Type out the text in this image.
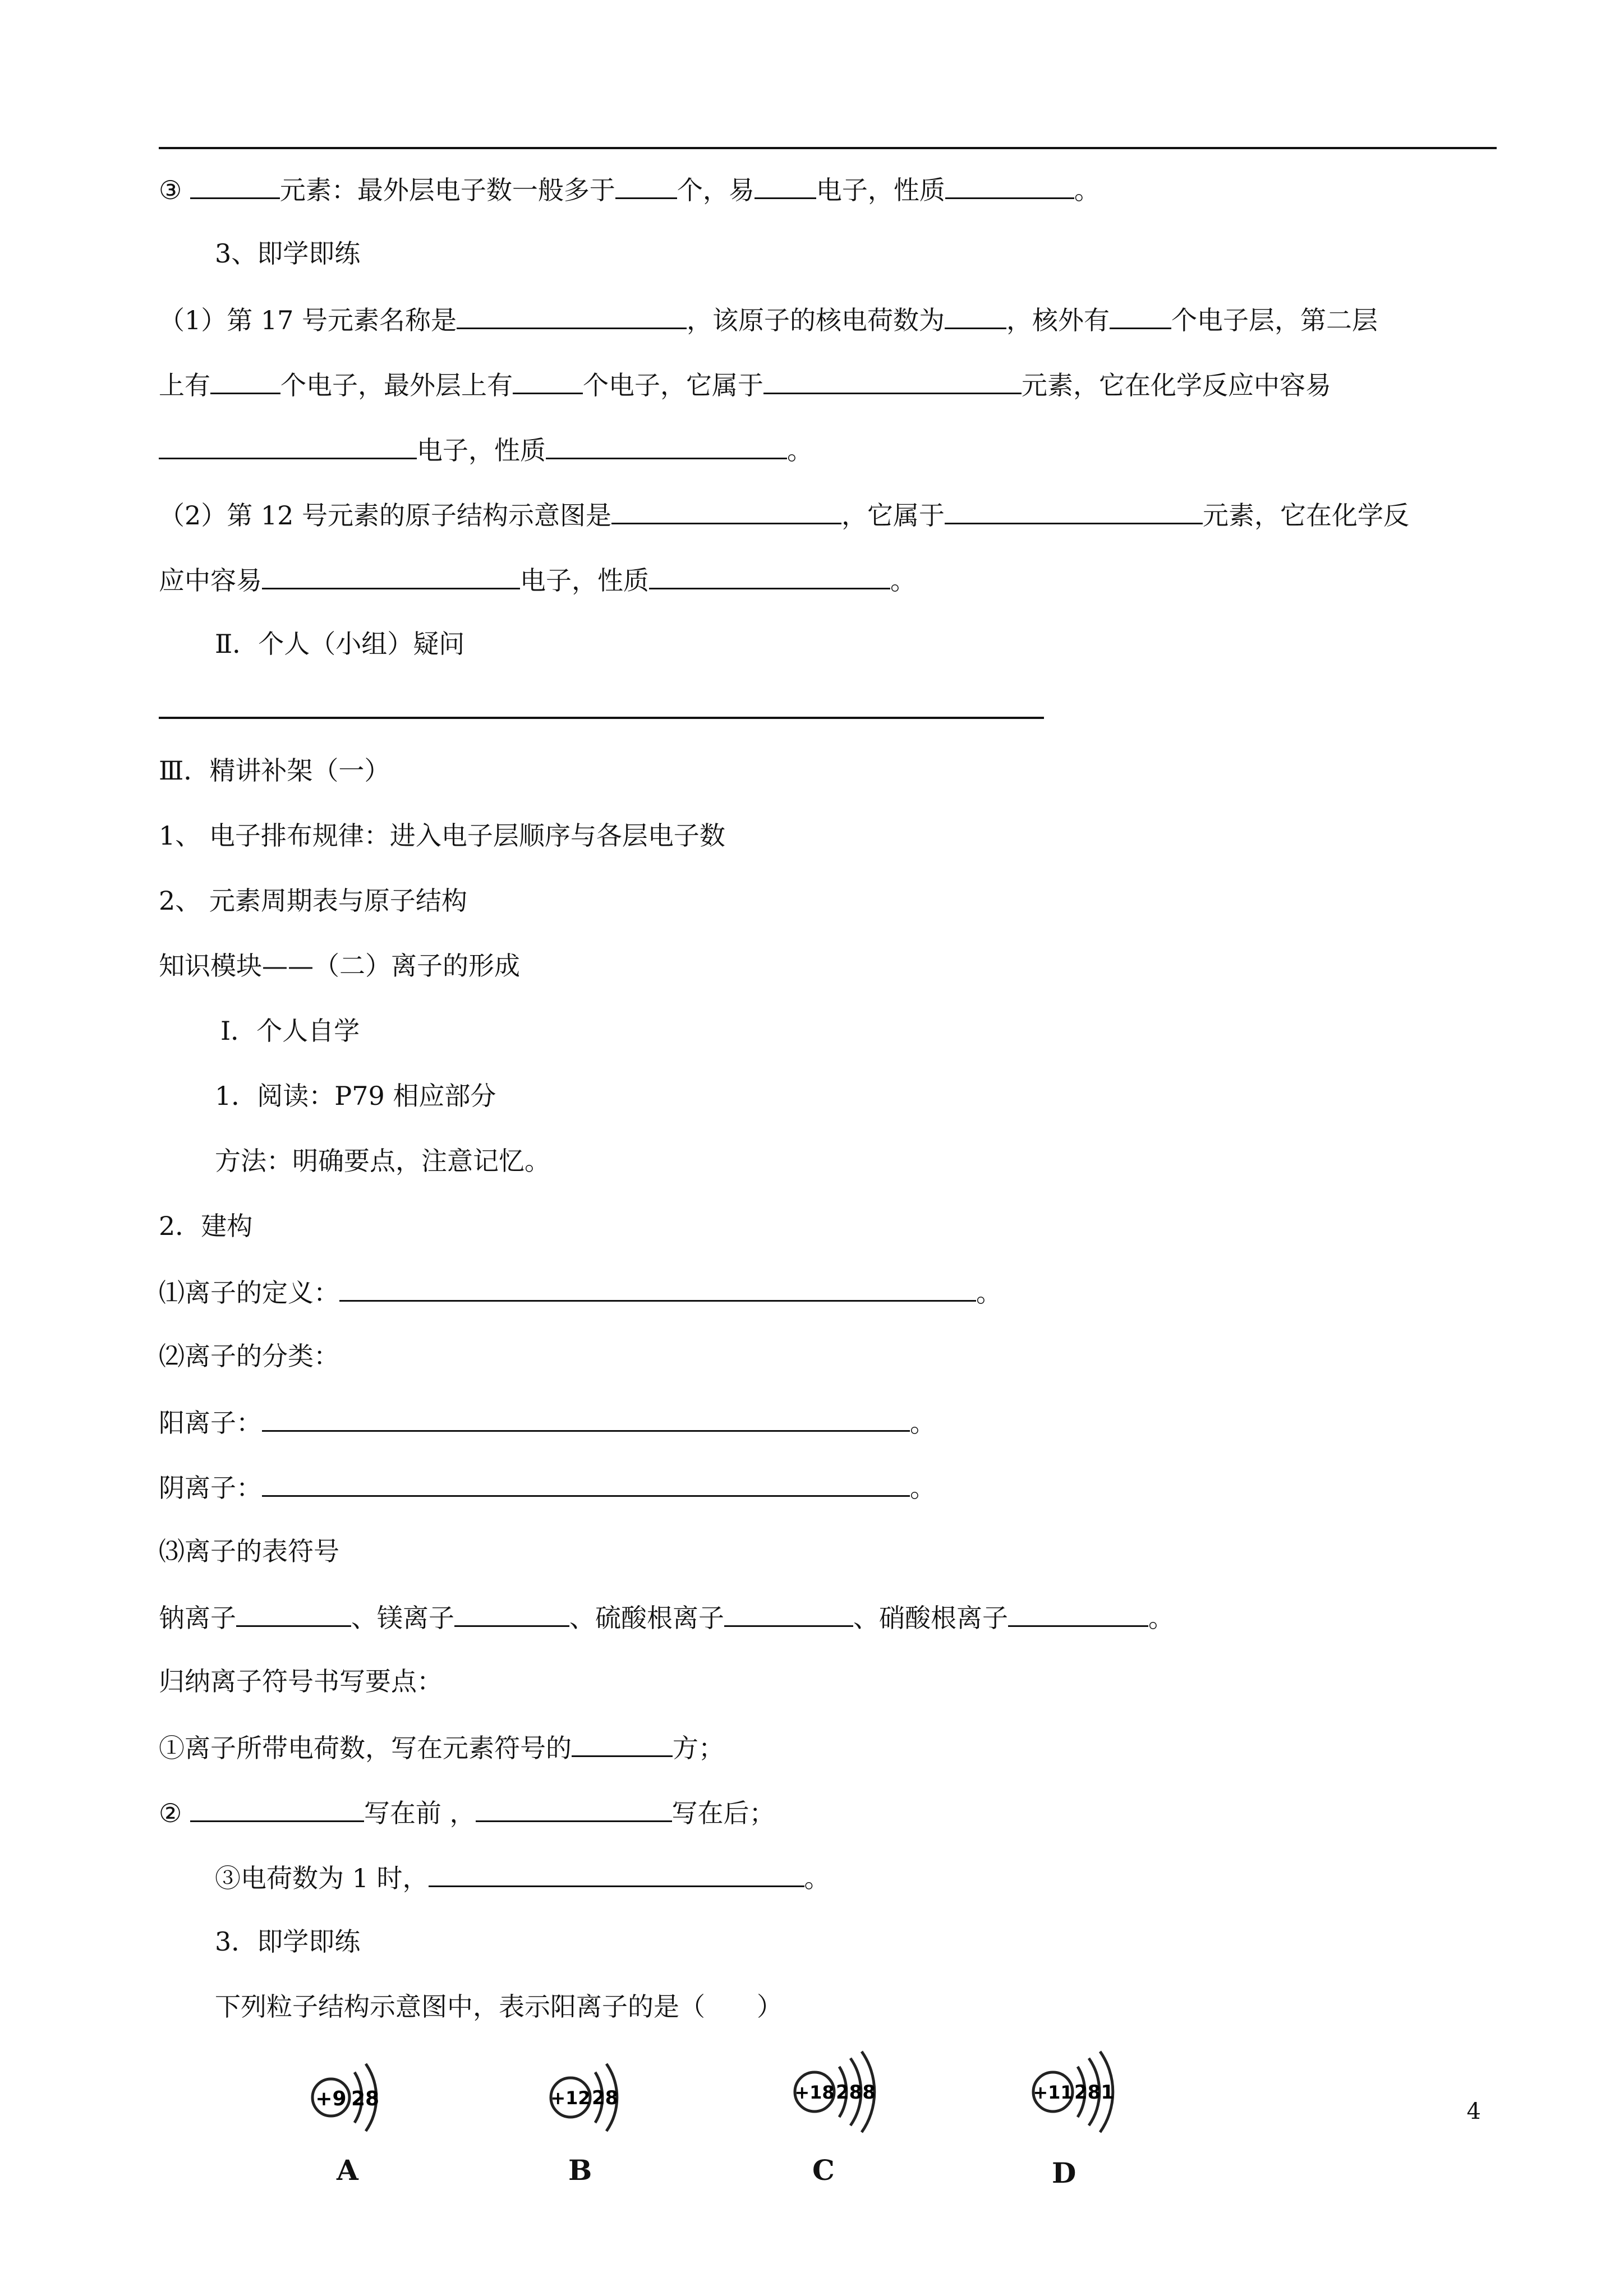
③	元素：最外层电子数一般多于 个，易 电子，性质	。
3、即学即练
（1）第 17 号元素名称是	，该原子的核电荷数为 ，核外有 个电子层，第二层
上有	个电子，最外层上有	个电子，它属于	元素，它在化学反应中容易
电子，性质	。
（2）第 12 号元素的原子结构示意图是	，它属于	元素，它在化学反
应中容易	电子，性质	。
Ⅱ．个人（小组）疑问
Ⅲ．精讲补架（一）
1、 电子排布规律：进入电子层顺序与各层电子数
2、 元素周期表与原子结构
知识模块——（二）离子的形成
Ⅰ．个人自学
1．阅读：P79 相应部分
方法：明确要点，注意记忆。
2．建构
⑴离子的定义：	。
⑵离子的分类：
阳离子：	。
阴离子：	。
⑶离子的表符号
钠离子	、镁离子	、硫酸根离子	、硝酸根离子	。
归纳离子符号书写要点：
①离子所带电荷数，写在元素符号的	方；
②	写在前 ，	写在后；
③电荷数为 1 时，	。
3．即学即练
下列粒子结构示意图中，表示阳离子的是（　　）
+9 28
A
+12 28
B
+18 288
C
+11 281
D
4
